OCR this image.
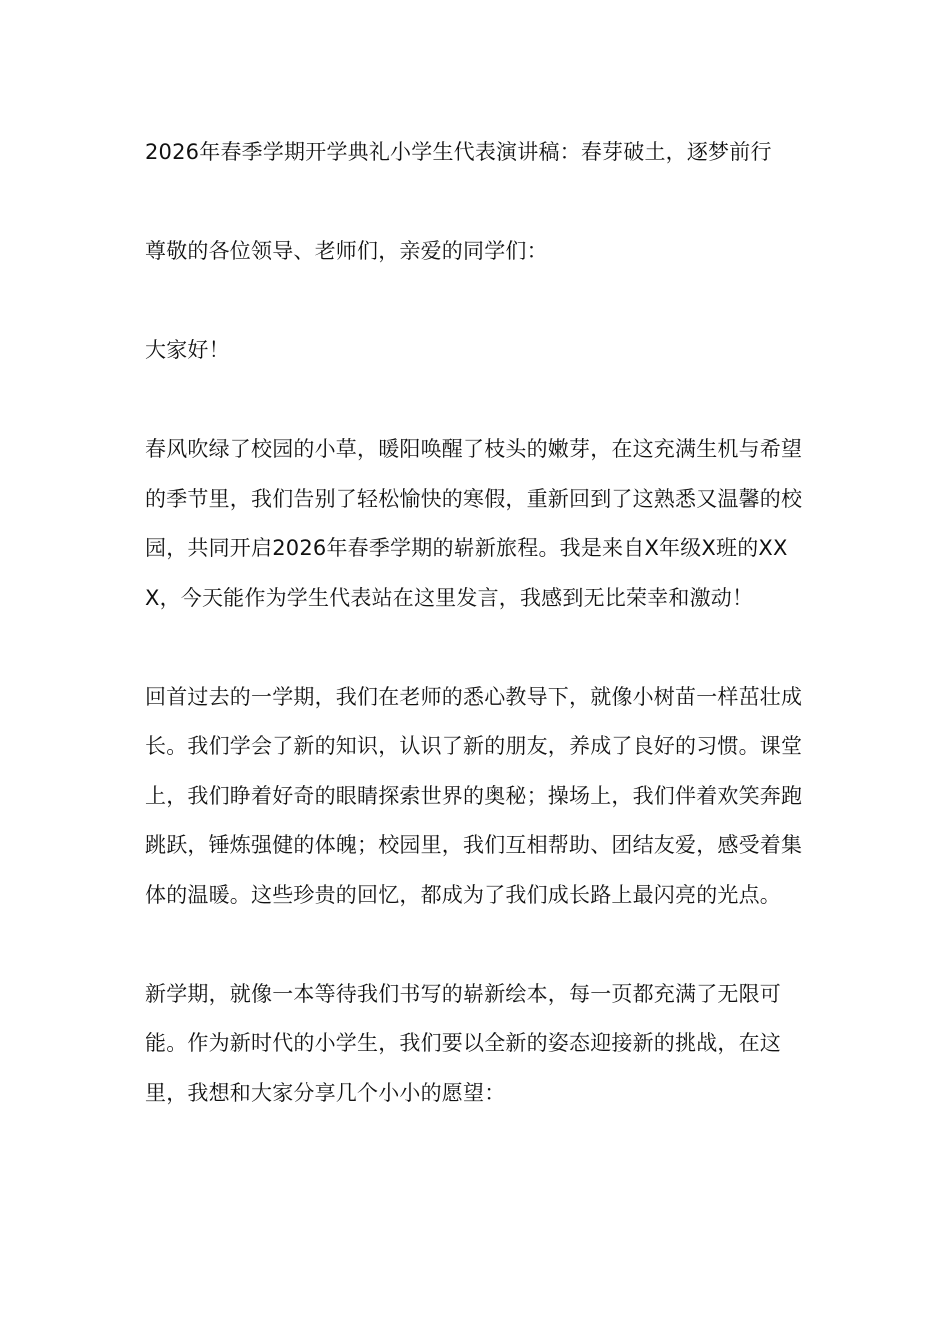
2026年春季学期开学典礼小学生代表演讲稿：春芽破土，逐梦前行

尊敬的各位领导、老师们，亲爱的同学们：

大家好！

春风吹绿了校园的小草，暖阳唤醒了枝头的嫩芽，在这充满生机与希望的季节里，我们告别了轻松愉快的寒假，重新回到了这熟悉又温馨的校园，共同开启2026年春季学期的崭新旅程。我是来自X年级X班的XXX，今天能作为学生代表站在这里发言，我感到无比荣幸和激动！

回首过去的一学期，我们在老师的悉心教导下，就像小树苗一样茁壮成长。我们学会了新的知识，认识了新的朋友，养成了良好的习惯。课堂上，我们睁着好奇的眼睛探索世界的奥秘；操场上，我们伴着欢笑奔跑跳跃，锤炼强健的体魄；校园里，我们互相帮助、团结友爱，感受着集体的温暖。这些珍贵的回忆，都成为了我们成长路上最闪亮的光点。

新学期，就像一本等待我们书写的崭新绘本，每一页都充满了无限可能。作为新时代的小学生，我们要以全新的姿态迎接新的挑战，在这里，我想和大家分享几个小小的愿望：
